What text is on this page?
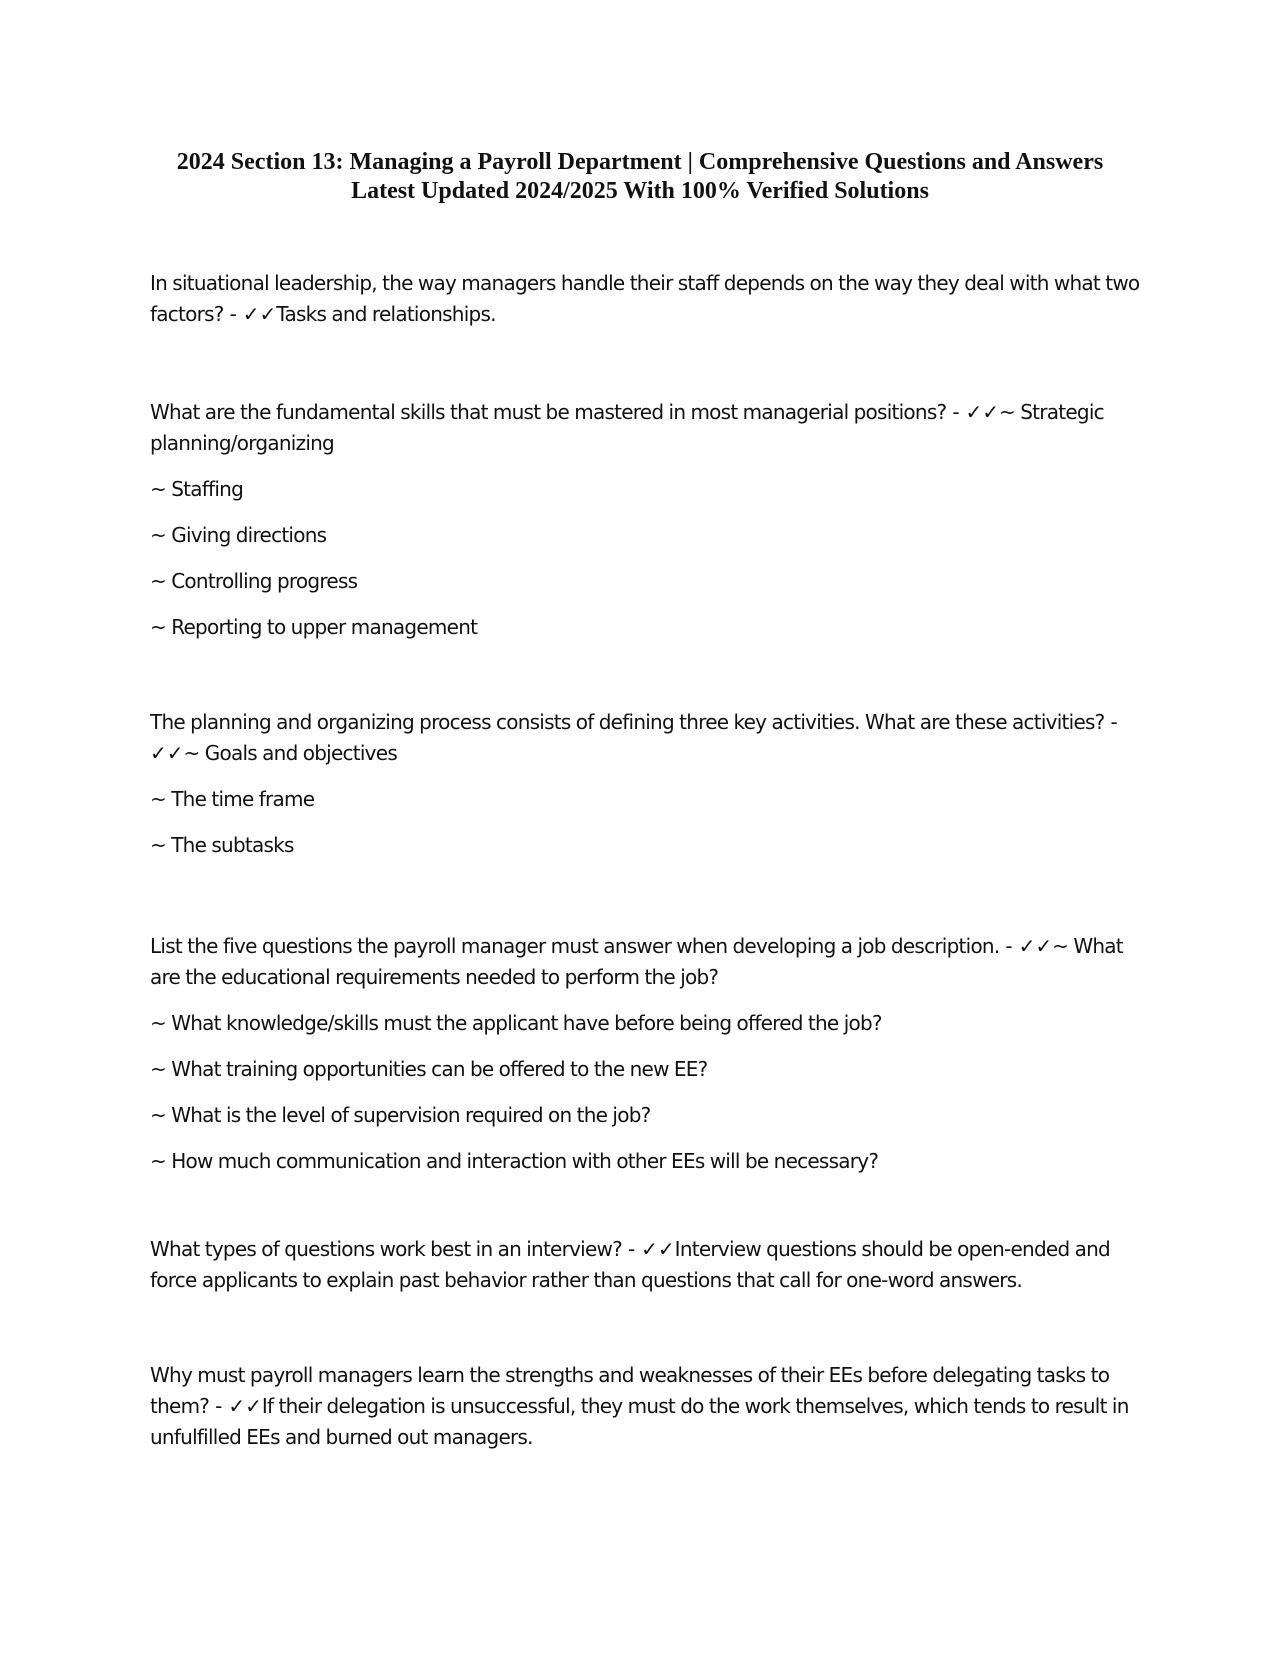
2024 Section 13: Managing a Payroll Department | Comprehensive Questions and Answers
Latest Updated 2024/2025 With 100% Verified Solutions

In situational leadership, the way managers handle their staff depends on the way they deal with what two factors? - ✓✓Tasks and relationships.

What are the fundamental skills that must be mastered in most managerial positions? - ✓✓~ Strategic planning/organizing

~ Staffing

~ Giving directions

~ Controlling progress

~ Reporting to upper management

The planning and organizing process consists of defining three key activities. What are these activities? - ✓✓~ Goals and objectives

~ The time frame

~ The subtasks

List the five questions the payroll manager must answer when developing a job description. - ✓✓~ What are the educational requirements needed to perform the job?

~ What knowledge/skills must the applicant have before being offered the job?

~ What training opportunities can be offered to the new EE?

~ What is the level of supervision required on the job?

~ How much communication and interaction with other EEs will be necessary?

What types of questions work best in an interview? - ✓✓Interview questions should be open-ended and force applicants to explain past behavior rather than questions that call for one-word answers.

Why must payroll managers learn the strengths and weaknesses of their EEs before delegating tasks to them? - ✓✓If their delegation is unsuccessful, they must do the work themselves, which tends to result in unfulfilled EEs and burned out managers.
